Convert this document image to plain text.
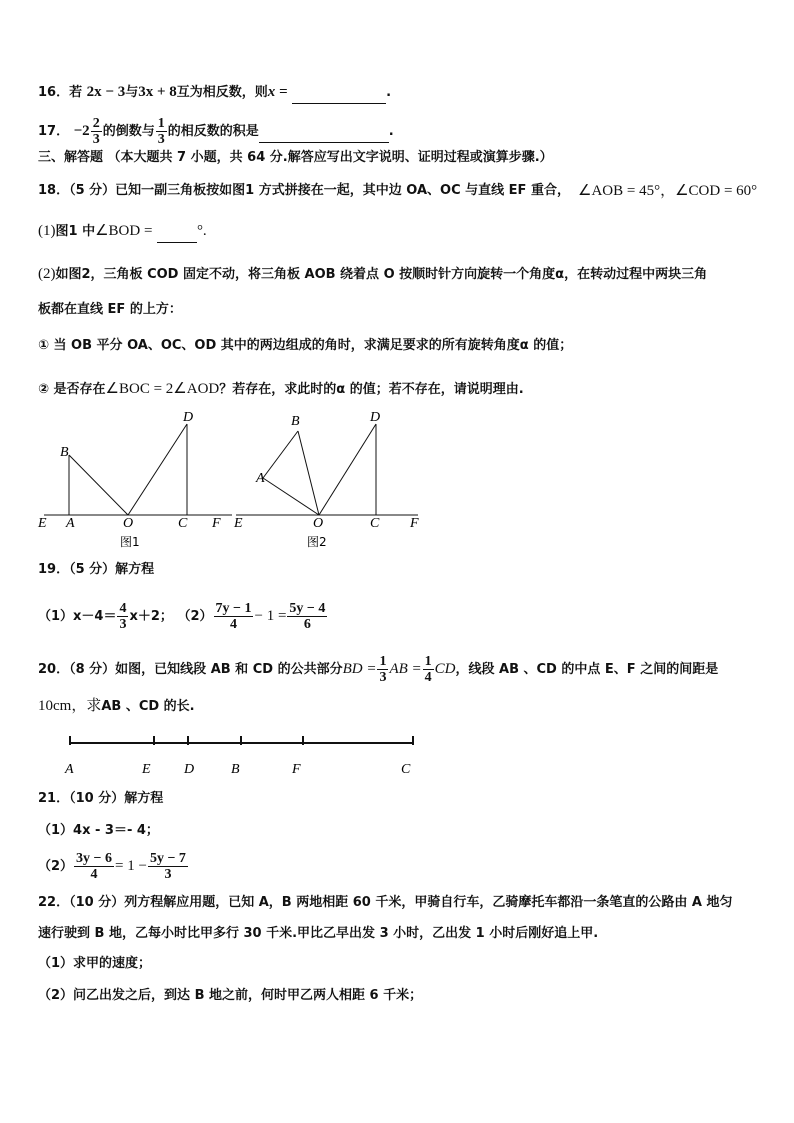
16．若 2x − 3与3x + 8互为相反数，则x =	.
17． $-2 \frac{2}{3}$ 的倒数与 $\frac{1}{3}$ 的相反数的积是	.
三、解答题 （本大题共 7 小题，共 64 分.解答应写出文字说明、证明过程或演算步骤.）
18．（5 分）已知一副三角板按如图1 方式拼接在一起，其中边 OA、OC 与直线 EF 重合， ∠AOB = 45°，∠COD = 60°
(1)图1 中∠BOD =	°.
(2)如图2，三角板 COD 固定不动，将三角板 AOB 绕着点 O 按顺时针方向旋转一个角度α，在转动过程中两块三角
板都在直线 EF 的上方：
① 当 OB 平分 OA、OC、OD 其中的两边组成的角时，求满足要求的所有旋转角度α 的值；
② 是否存在∠BOC = 2∠AOD？若存在，求此时的α 的值；若不存在，请说明理由.
E A	O	C F
B
D
图1
E	O	C F
A
B	D
图2
19．（5 分）解方程
$(1)x-4= \frac{4}{3} x+2$； $(2) \frac{7y - 1}{4} - 1 = \frac{5y - 4}{6}$
20．（8 分）如图，已知线段 AB 和 CD 的公共部分BD = $\frac{1}{3}$ AB = $\frac{1}{4}$ CD，线段 AB 、CD 的中点 E、F 之间的间距是
10cm，求AB 、CD 的长.
A	E D	B	F	C
21．（10 分）解方程
（1）4x - 3＝- 4；
$(2) \frac{3y - 6}{4} = 1 - \frac{5y - 7}{3}$
22．（10 分）列方程解应用题，已知 A，B 两地相距 60 千米，甲骑自行车，乙骑摩托车都沿一条笔直的公路由 A 地匀
速行驶到 B 地，乙每小时比甲多行 30 千米.甲比乙早出发 3 小时，乙出发 1 小时后刚好追上甲.
（1）求甲的速度；
（2）问乙出发之后，到达 B 地之前，何时甲乙两人相距 6 千米；
